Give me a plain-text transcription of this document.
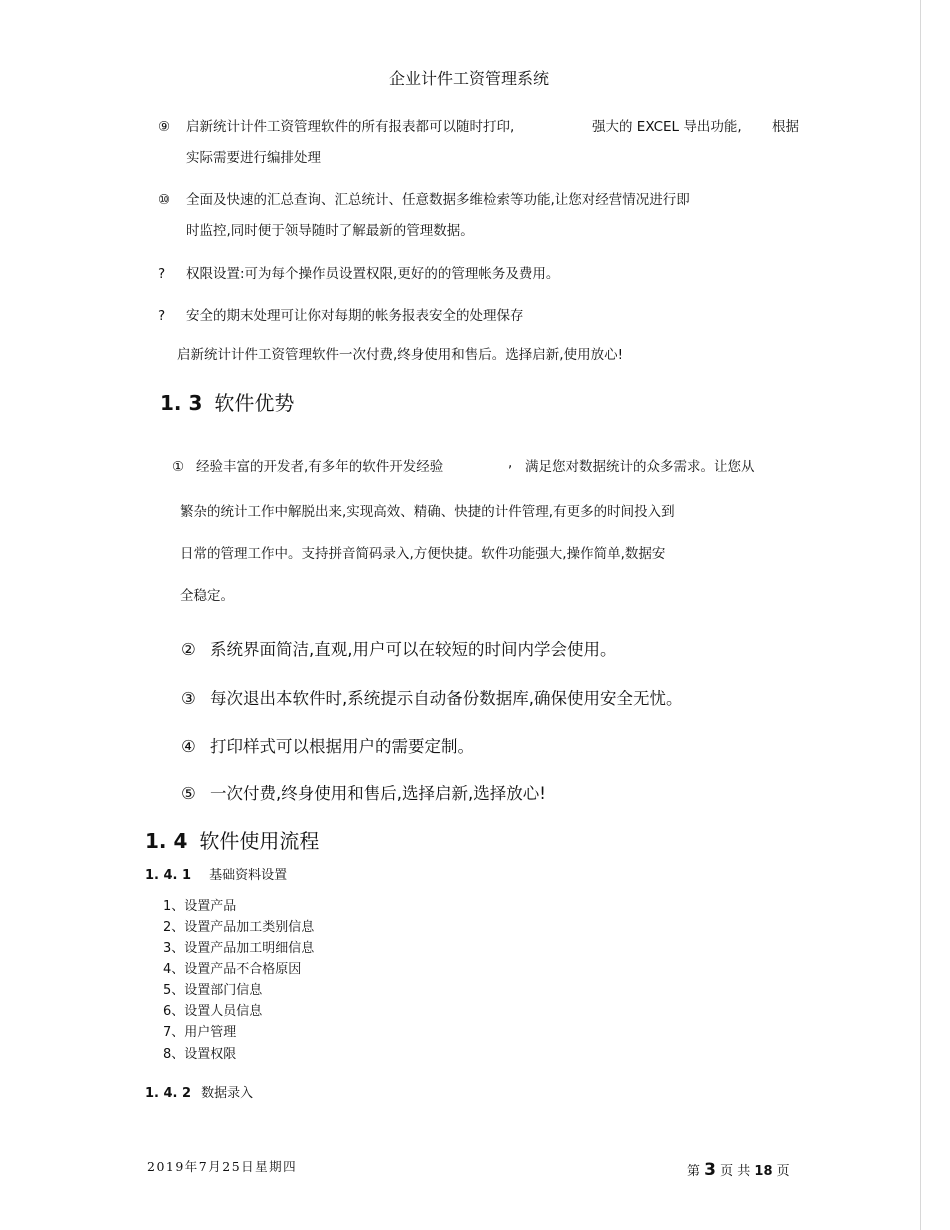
企业计件工资管理系统
⑨ 启新统计计件工资管理软件的所有报表都可以随时打印,	强大的 EXCEL 导出功能, 根据
实际需要进行编排处理
⑩ 全面及快速的汇总查询、汇总统计、任意数据多维检索等功能,让您对经营情况进行即
时监控,同时便于领导随时了解最新的管理数据。
? 权限设置:可为每个操作员设置权限,更好的的管理帐务及费用。
? 安全的期末处理可让你对每期的帐务报表安全的处理保存
启新统计计件工资管理软件一次付费,终身使用和售后。选择启新,使用放心!
1. 3 软件优势
① 经验丰富的开发者,有多年的软件开发经验	, 满足您对数据统计的众多需求。让您从
繁杂的统计工作中解脱出来,实现高效、精确、快捷的计件管理,有更多的时间投入到
日常的管理工作中。支持拼音简码录入,方便快捷。软件功能强大,操作简单,数据安
全稳定。
② 系统界面简洁,直观,用户可以在较短的时间内学会使用。
③ 每次退出本软件时,系统提示自动备份数据库,确保使用安全无忧。
④ 打印样式可以根据用户的需要定制。
⑤ 一次付费,终身使用和售后,选择启新,选择放心!
1. 4 软件使用流程
1. 4. 1 基础资料设置
1、设置产品
2、设置产品加工类别信息
3、设置产品加工明细信息
4、设置产品不合格原因
5、设置部门信息
6、设置人员信息
7、用户管理
8、设置权限
1. 4. 2 数据录入
2019年7月25日星期四	第 3 页 共 18 页
